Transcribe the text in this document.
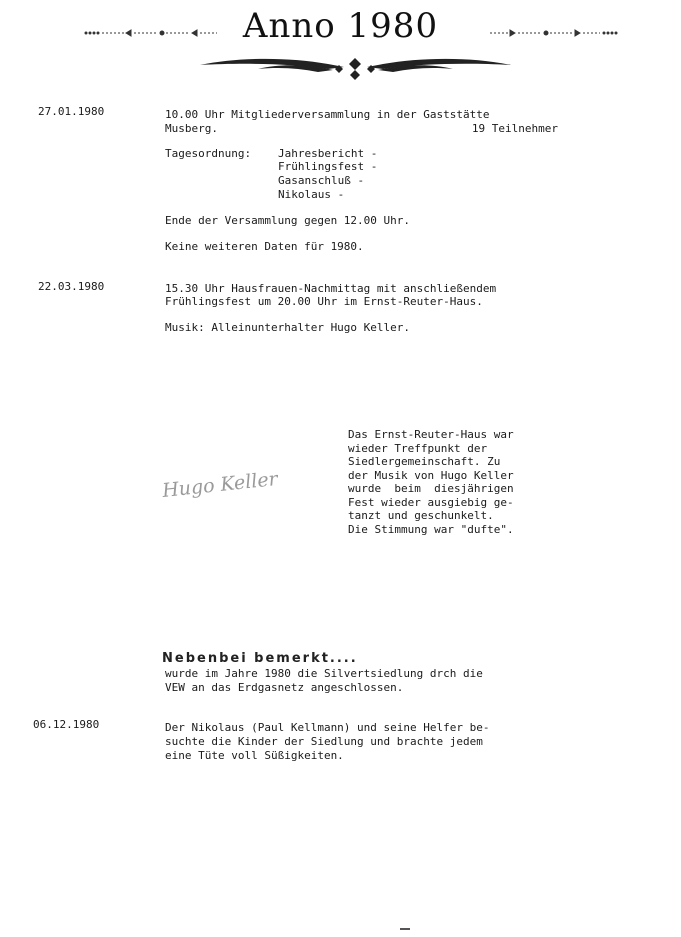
Anno 1980
27.01.1980	10.00 Uhr Mitgliederversammlung in der Gaststätte
Musberg.	19 Teilnehmer
Tagesordnung: Jahresbericht -
Frühlingsfest -
Gasanschluß -
Nikolaus -
Ende der Versammlung gegen 12.00 Uhr.
Keine weiteren Daten für 1980.
22.03.1980	15.30 Uhr Hausfrauen-Nachmittag mit anschließendem
Frühlingsfest um 20.00 Uhr im Ernst-Reuter-Haus.
Musik: Alleinunterhalter Hugo Keller.
Das Ernst-Reuter-Haus war
wieder Treffpunkt der
Siedlergemeinschaft. Zu
der Musik von Hugo Keller
wurde  beim  diesjährigen
Fest wieder ausgiebig ge-
tanzt und geschunkelt.
Die Stimmung war "dufte".
Hugo Keller
Nebenbei bemerkt....
wurde im Jahre 1980 die Silvertsiedlung drch die
VEW an das Erdgasnetz angeschlossen.
06.12.1980	Der Nikolaus (Paul Kellmann) und seine Helfer be-
suchte die Kinder der Siedlung und brachte jedem
eine Tüte voll Süßigkeiten.
